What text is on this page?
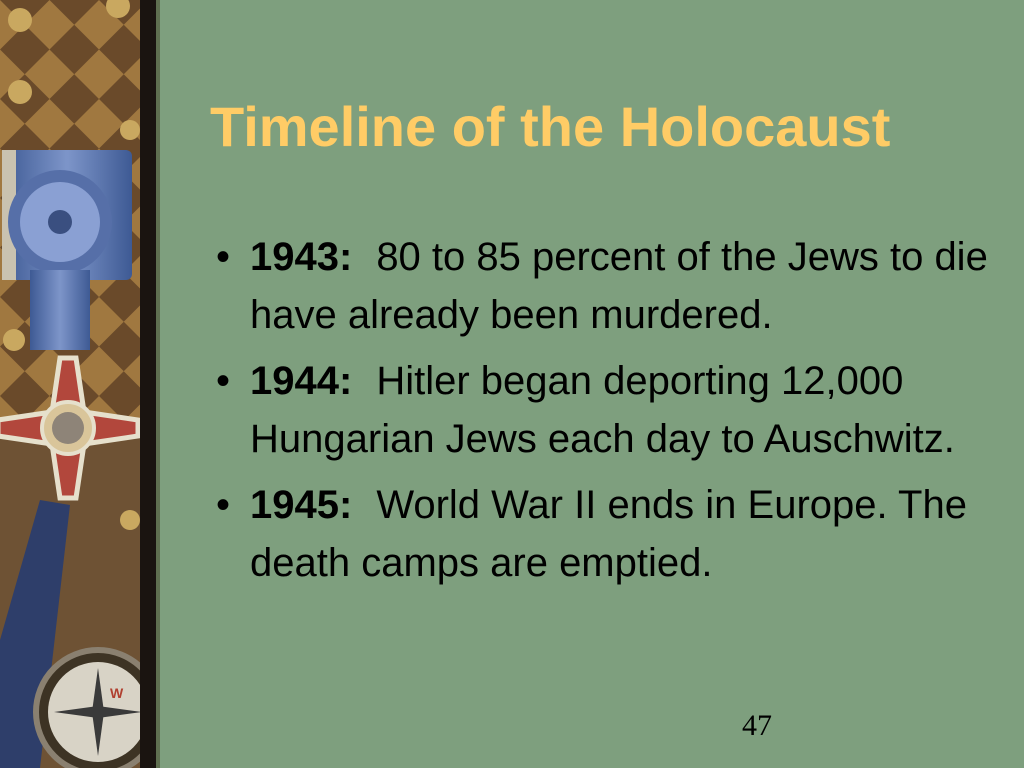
W
Timeline of the Holocaust
• 1943: 80 to 85 percent of the Jews to die have already been murdered.
• 1944: Hitler began deporting 12,000 Hungarian Jews each day to Auschwitz.
• 1945: World War II ends in Europe. The death camps are emptied.
47
